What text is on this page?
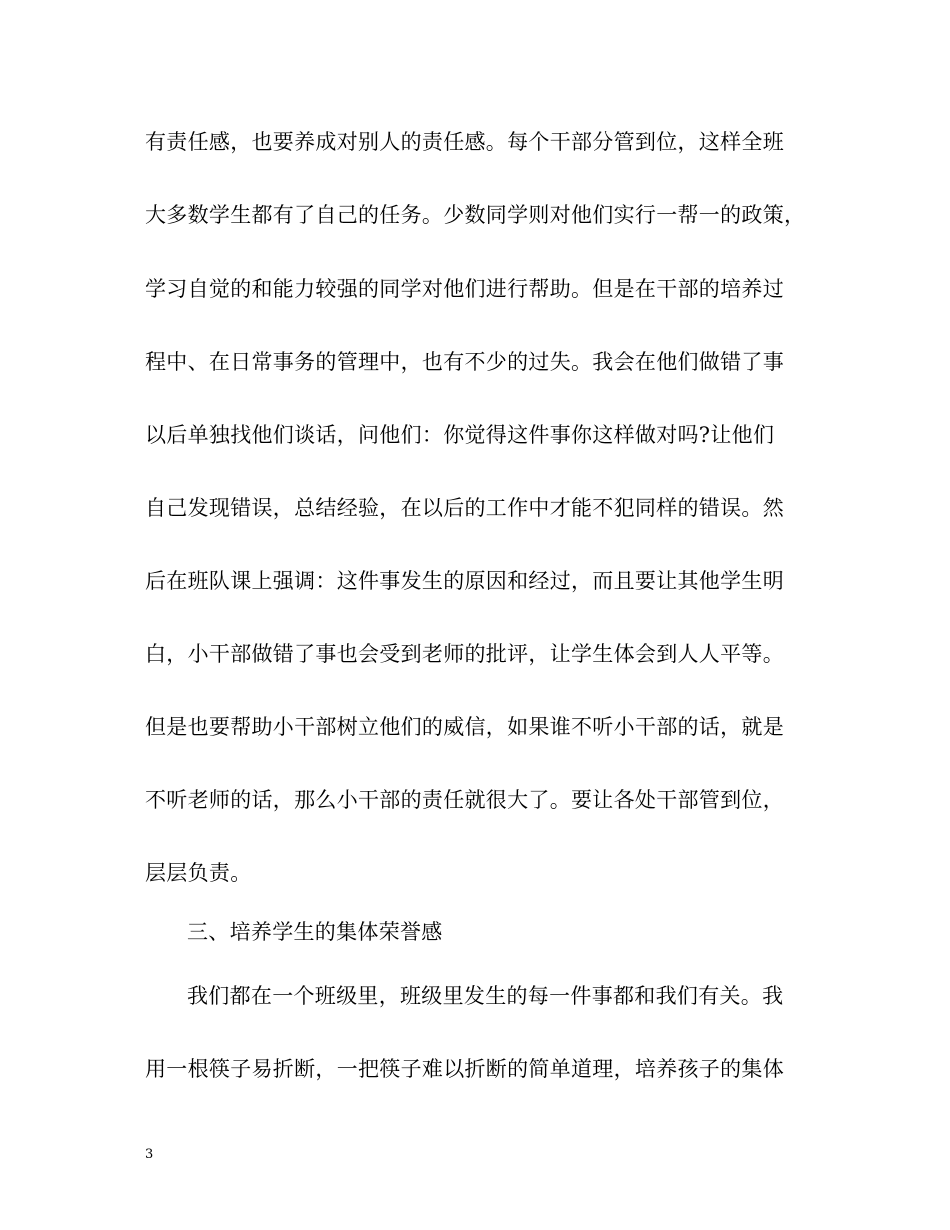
有责任感，也要养成对别人的责任感。每个干部分管到位，这样全班
大多数学生都有了自己的任务。少数同学则对他们实行一帮一的政策，
学习自觉的和能力较强的同学对他们进行帮助。但是在干部的培养过
程中、在日常事务的管理中，也有不少的过失。我会在他们做错了事
以后单独找他们谈话，问他们：你觉得这件事你这样做对吗?让他们
自己发现错误，总结经验，在以后的工作中才能不犯同样的错误。然
后在班队课上强调：这件事发生的原因和经过，而且要让其他学生明
白，小干部做错了事也会受到老师的批评，让学生体会到人人平等。
但是也要帮助小干部树立他们的威信，如果谁不听小干部的话，就是
不听老师的话，那么小干部的责任就很大了。要让各处干部管到位，
层层负责。
三、培养学生的集体荣誉感
我们都在一个班级里，班级里发生的每一件事都和我们有关。我
用一根筷子易折断，一把筷子难以折断的简单道理，培养孩子的集体
3
